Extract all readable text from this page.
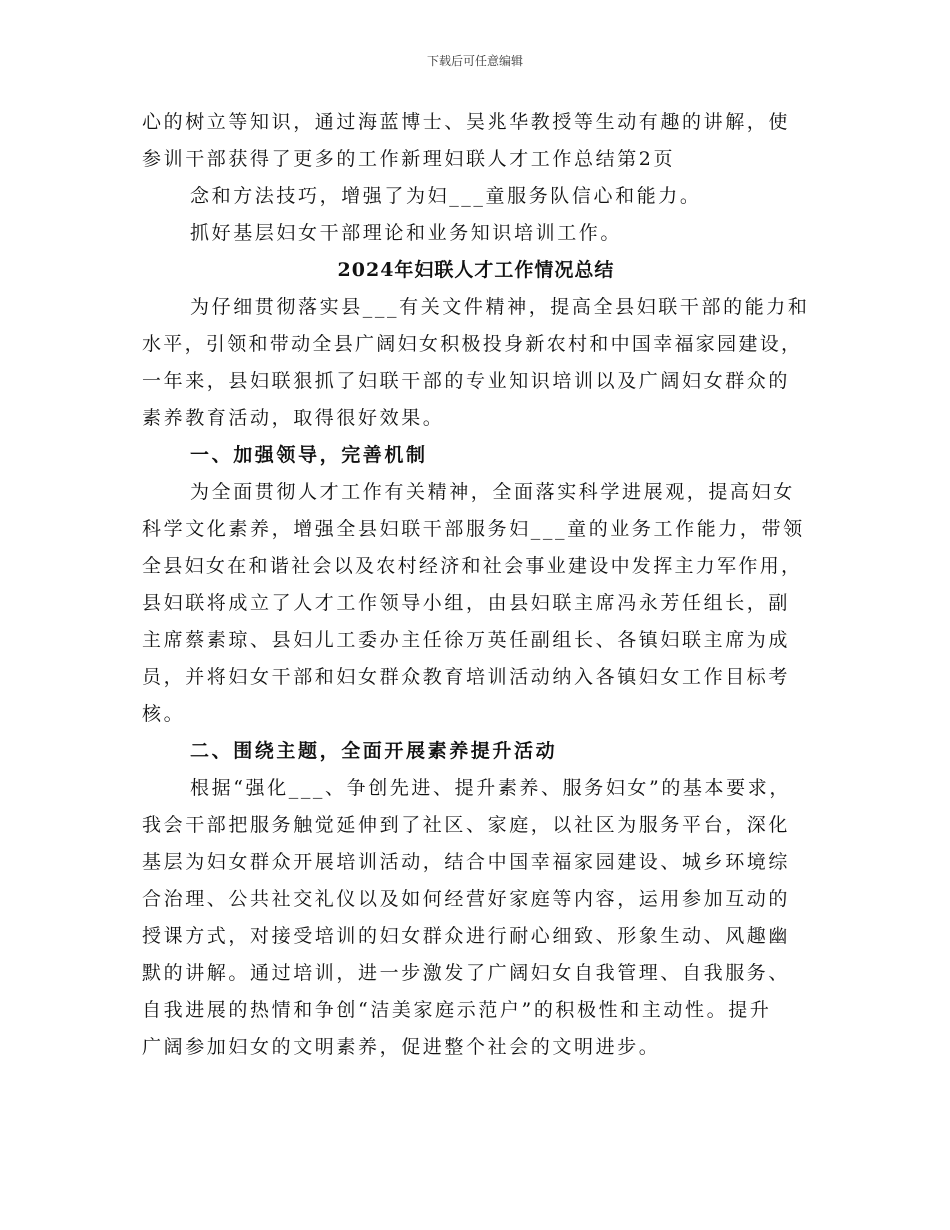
下载后可任意编辑
心的树立等知识，通过海蓝博士、吴兆华教授等生动有趣的讲解，使
参训干部获得了更多的工作新理妇联人才工作总结第2页
念和方法技巧，增强了为妇___童服务队信心和能力。
抓好基层妇女干部理论和业务知识培训工作。
2024年妇联人才工作情况总结
为仔细贯彻落实县___有关文件精神，提高全县妇联干部的能力和
水平，引领和带动全县广阔妇女积极投身新农村和中国幸福家园建设，
一年来，县妇联狠抓了妇联干部的专业知识培训以及广阔妇女群众的
素养教育活动，取得很好效果。
一、加强领导，完善机制
为全面贯彻人才工作有关精神，全面落实科学进展观，提高妇女
科学文化素养，增强全县妇联干部服务妇___童的业务工作能力，带领
全县妇女在和谐社会以及农村经济和社会事业建设中发挥主力军作用，
县妇联将成立了人才工作领导小组，由县妇联主席冯永芳任组长，副
主席蔡素琼、县妇儿工委办主任徐万英任副组长、各镇妇联主席为成
员，并将妇女干部和妇女群众教育培训活动纳入各镇妇女工作目标考
核。
二、围绕主题，全面开展素养提升活动
根据“强化___、争创先进、提升素养、服务妇女”的基本要求，
我会干部把服务触觉延伸到了社区、家庭，以社区为服务平台，深化
基层为妇女群众开展培训活动，结合中国幸福家园建设、城乡环境综
合治理、公共社交礼仪以及如何经营好家庭等内容，运用参加互动的
授课方式，对接受培训的妇女群众进行耐心细致、形象生动、风趣幽
默的讲解。通过培训，进一步激发了广阔妇女自我管理、自我服务、
自我进展的热情和争创“洁美家庭示范户”的积极性和主动性。提升
广阔参加妇女的文明素养，促进整个社会的文明进步。
